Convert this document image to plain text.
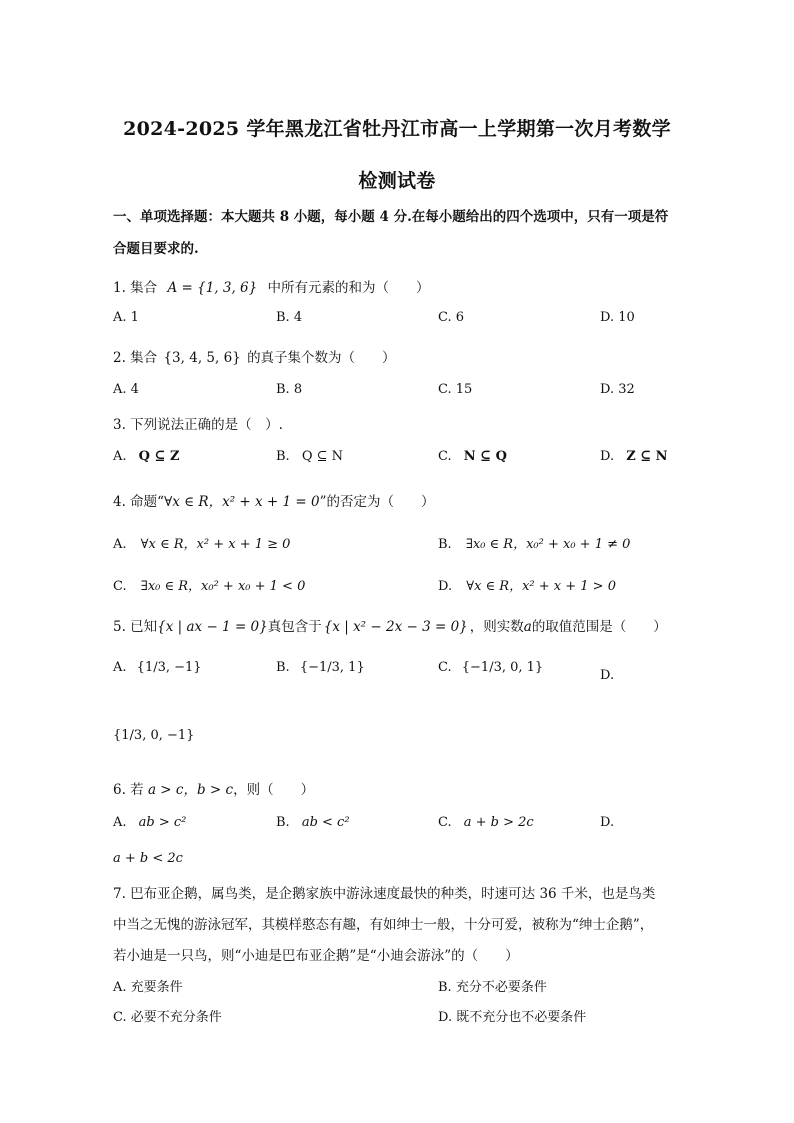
2024-2025 学年黑龙江省牡丹江市高一上学期第一次月考数学
检测试卷
一、单项选择题：本大题共 8 小题，每小题 4 分.在每小题给出的四个选项中，只有一项是符
合题目要求的.
1. 集合 A = {1, 3, 6} 中所有元素的和为（　　）
A. 1	B. 4	C. 6	D. 10
2. 集合 {3, 4, 5, 6} 的真子集个数为（　　）
A. 4	B. 8	C. 15	D. 32
3. 下列说法正确的是（　）.
A. Q ⊆ Z	B. Q ⊆ N	C. N ⊆ Q	D. Z ⊆ N
4. 命题“∀x ∈ R，x² + x + 1 = 0”的否定为（　　）
A. ∀x ∈ R，x² + x + 1 ≥ 0	B. ∃x₀ ∈ R，x₀² + x₀ + 1 ≠ 0
C. ∃x₀ ∈ R，x₀² + x₀ + 1 < 0	D. ∀x ∈ R，x² + x + 1 > 0
5. 已知{x | ax − 1 = 0}真包含于 {x | x² − 2x − 3 = 0} ，则实数a的取值范围是（　　）
A. {1/3, −1}	B. {−1/3, 1}	C. {−1/3, 0, 1}
D.
{1/3, 0, −1}
6. 若 a > c，b > c，则（　　）
A. ab > c²	B. ab < c²	C. a + b > 2c	D.
a + b < 2c
7. 巴布亚企鹅，属鸟类，是企鹅家族中游泳速度最快的种类，时速可达 36 千米，也是鸟类
中当之无愧的游泳冠军，其模样憨态有趣，有如绅士一般，十分可爱，被称为“绅士企鹅”，
若小迪是一只鸟，则“小迪是巴布亚企鹅”是“小迪会游泳”的（　　）
A. 充要条件	B. 充分不必要条件
C. 必要不充分条件	D. 既不充分也不必要条件
